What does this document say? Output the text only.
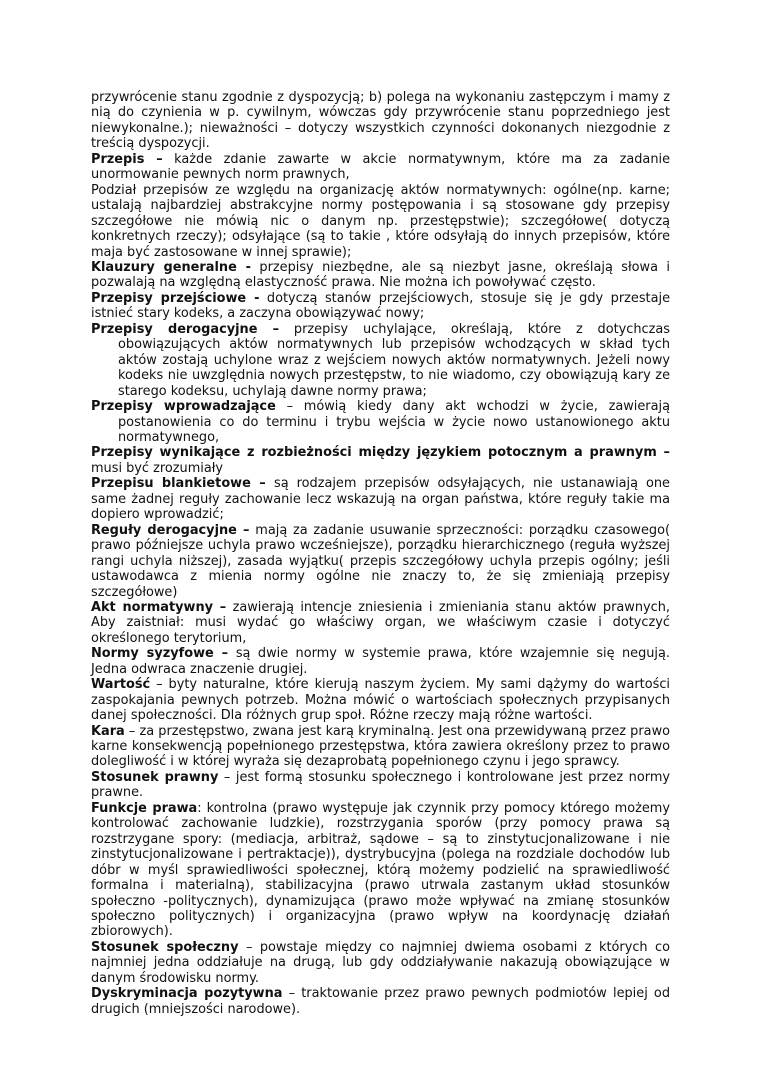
przywrócenie stanu zgodnie z dyspozycją; b) polega na wykonaniu zastępczym i mamy z nią do czynienia w p. cywilnym, wówczas gdy przywrócenie stanu poprzedniego jest niewykonalne.); nieważności – dotyczy wszystkich czynności dokonanych niezgodnie z treścią dyspozycji.

Przepis – każde zdanie zawarte w akcie normatywnym, które ma za zadanie unormowanie pewnych norm prawnych,

Podział przepisów ze względu na organizację aktów normatywnych: ogólne(np. karne; ustalają najbardziej abstrakcyjne normy postępowania i są stosowane gdy przepisy szczegółowe nie mówią nic o danym np. przestępstwie); szczegółowe( dotyczą konkretnych rzeczy); odsyłające (są to takie , które odsyłają do innych przepisów, które maja być zastosowane w innej sprawie);

Klauzury generalne - przepisy niezbędne, ale są niezbyt jasne, określają słowa i pozwalają na względną elastyczność prawa. Nie można ich powoływać często.

Przepisy przejściowe - dotyczą stanów przejściowych, stosuje się je gdy przestaje istnieć stary kodeks, a zaczyna obowiązywać nowy;

Przepisy derogacyjne – przepisy uchylające, określają, które z dotychczas obowiązujących aktów normatywnych lub przepisów wchodzących w skład tych aktów zostają uchylone wraz z wejściem nowych aktów normatywnych. Jeżeli nowy kodeks nie uwzględnia nowych przestępstw, to nie wiadomo, czy obowiązują kary ze starego kodeksu, uchylają dawne normy prawa;

Przepisy wprowadzające – mówią kiedy dany akt wchodzi w życie, zawierają postanowienia co do terminu i trybu wejścia w życie nowo ustanowionego aktu normatywnego,

Przepisy wynikające z rozbieżności między językiem potocznym a prawnym – musi być zrozumiały

Przepisu blankietowe – są rodzajem przepisów odsyłających, nie ustanawiają one same żadnej reguły zachowanie lecz wskazują na organ państwa, które reguły takie ma dopiero wprowadzić;

Reguły derogacyjne – mają za zadanie usuwanie sprzeczności: porządku czasowego( prawo późniejsze uchyla prawo wcześniejsze), porządku hierarchicznego (reguła wyższej rangi uchyla niższej), zasada wyjątku( przepis szczegółowy uchyla przepis ogólny; jeśli ustawodawca z mienia normy ogólne nie znaczy to, że się zmieniają przepisy szczegółowe)

Akt normatywny – zawierają intencje zniesienia i zmieniania stanu aktów prawnych, Aby zaistniał: musi wydać go właściwy organ, we właściwym czasie i dotyczyć określonego terytorium,

Normy syzyfowe – są dwie normy w systemie prawa, które wzajemnie się negują. Jedna odwraca znaczenie drugiej.

Wartość – byty naturalne, które kierują naszym życiem. My sami dążymy do wartości zaspokajania pewnych potrzeb. Można mówić o wartościach społecznych przypisanych danej społeczności. Dla różnych grup społ. Różne rzeczy mają różne wartości.

Kara – za przestępstwo, zwana jest karą kryminalną. Jest ona przewidywaną przez prawo karne konsekwencją popełnionego przestępstwa, która zawiera określony przez to prawo dolegliwość i w której wyraża się dezaprobatą popełnionego czynu i jego sprawcy.

Stosunek prawny – jest formą stosunku społecznego i kontrolowane jest przez normy prawne.

Funkcje prawa: kontrolna (prawo występuje jak czynnik przy pomocy którego możemy kontrolować zachowanie ludzkie), rozstrzygania sporów (przy pomocy prawa są rozstrzygane spory: (mediacja, arbitraż, sądowe – są to zinstytucjonalizowane i nie zinstytucjonalizowane i pertraktacje)), dystrybucyjna (polega na rozdziale dochodów lub dóbr w myśl sprawiedliwości społecznej, którą możemy podzielić na sprawiedliwość formalna i materialną), stabilizacyjna (prawo utrwala zastanym układ stosunków społeczno -politycznych), dynamizująca (prawo może wpływać na zmianę stosunków społeczno politycznych) i organizacyjna (prawo wpływ na koordynację działań zbiorowych).

Stosunek społeczny – powstaje między co najmniej dwiema osobami z których co najmniej jedna oddziałuje na drugą, lub gdy oddziaływanie nakazują obowiązujące w danym środowisku normy.

Dyskryminacja pozytywna – traktowanie przez prawo pewnych podmiotów lepiej od drugich (mniejszości narodowe).
